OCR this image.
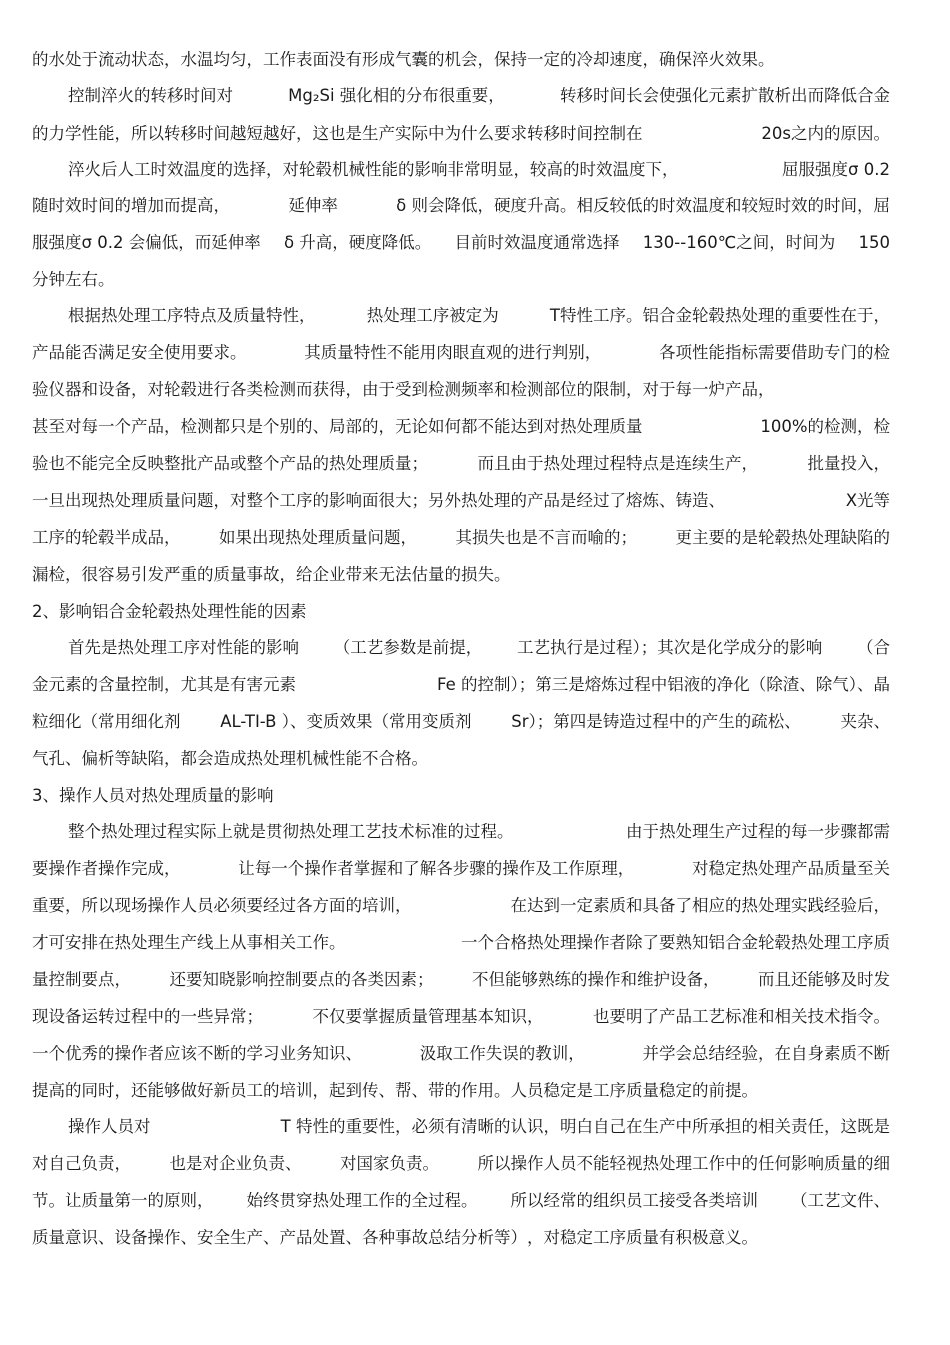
的水处于流动状态，水温均匀，工作表面没有形成气囊的机会，保持一定的冷却速度，确保淬火效果。
控制淬火的转移时间对	Mg₂Si 强化相的分布很重要，	转移时间长会使强化元素扩散析出而降低合金
的力学性能，所以转移时间越短越好，这也是生产实际中为什么要求转移时间控制在	20s之内的原因。
淬火后人工时效温度的选择，对轮毂机械性能的影响非常明显，较高的时效温度下，	屈服强度σ 0.2
随时效时间的增加而提高，	延伸率	δ 则会降低，硬度升高。相反较低的时效温度和较短时效的时间，屈
服强度σ 0.2 会偏低，而延伸率 δ 升高，硬度降低。 目前时效温度通常选择 130--160℃之间，时间为 150
分钟左右。
根据热处理工序特点及质量特性，	热处理工序被定为	T特性工序。铝合金轮毂热处理的重要性在于，
产品能否满足安全使用要求。	其质量特性不能用肉眼直观的进行判别，	各项性能指标需要借助专门的检
验仪器和设备，对轮毂进行各类检测而获得，由于受到检测频率和检测部位的限制，对于每一炉产品，
甚至对每一个产品，检测都只是个别的、局部的，无论如何都不能达到对热处理质量	100%的检测，检
验也不能完全反映整批产品或整个产品的热处理质量；	而且由于热处理过程特点是连续生产，	批量投入，
一旦出现热处理质量问题，对整个工序的影响面很大；另外热处理的产品是经过了熔炼、铸造、	X光等
工序的轮毂半成品， 如果出现热处理质量问题， 其损失也是不言而喻的； 更主要的是轮毂热处理缺陷的
漏检，很容易引发严重的质量事故，给企业带来无法估量的损失。
首先是热处理工序对性能的影响 （工艺参数是前提， 工艺执行是过程）；其次是化学成分的影响 （合
金元素的含量控制，尤其是有害元素	Fe 的控制）；第三是熔炼过程中铝液的净化（除渣、除气）、晶
粒细化（常用细化剂 AL-TI-B ）、变质效果（常用变质剂 Sr）；第四是铸造过程中的产生的疏松、 夹杂、
气孔、偏析等缺陷，都会造成热处理机械性能不合格。
整个热处理过程实际上就是贯彻热处理工艺技术标准的过程。	由于热处理生产过程的每一步骤都需
要操作者操作完成，	让每一个操作者掌握和了解各步骤的操作及工作原理，	对稳定热处理产品质量至关
重要，所以现场操作人员必须要经过各方面的培训，	在达到一定素质和具备了相应的热处理实践经验后，
才可安排在热处理生产线上从事相关工作。	一个合格热处理操作者除了要熟知铝合金轮毂热处理工序质
量控制要点， 还要知晓影响控制要点的各类因素； 不但能够熟练的操作和维护设备， 而且还能够及时发
现设备运转过程中的一些异常；	不仅要掌握质量管理基本知识，	也要明了产品工艺标准和相关技术指令。
一个优秀的操作者应该不断的学习业务知识、	汲取工作失误的教训，	并学会总结经验，在自身素质不断
提高的同时，还能够做好新员工的培训，起到传、帮、带的作用。人员稳定是工序质量稳定的前提。
操作人员对	T 特性的重要性，必须有清晰的认识，明白自己在生产中所承担的相关责任，这既是
对自己负责， 也是对企业负责、 对国家负责。 所以操作人员不能轻视热处理工作中的任何影响质量的细
节。让质量第一的原则， 始终贯穿热处理工作的全过程。 所以经常的组织员工接受各类培训 （工艺文件、
质量意识、设备操作、安全生产、产品处置、各种事故总结分析等） ，对稳定工序质量有积极意义。
2、影响铝合金轮毂热处理性能的因素
3、操作人员对热处理质量的影响
